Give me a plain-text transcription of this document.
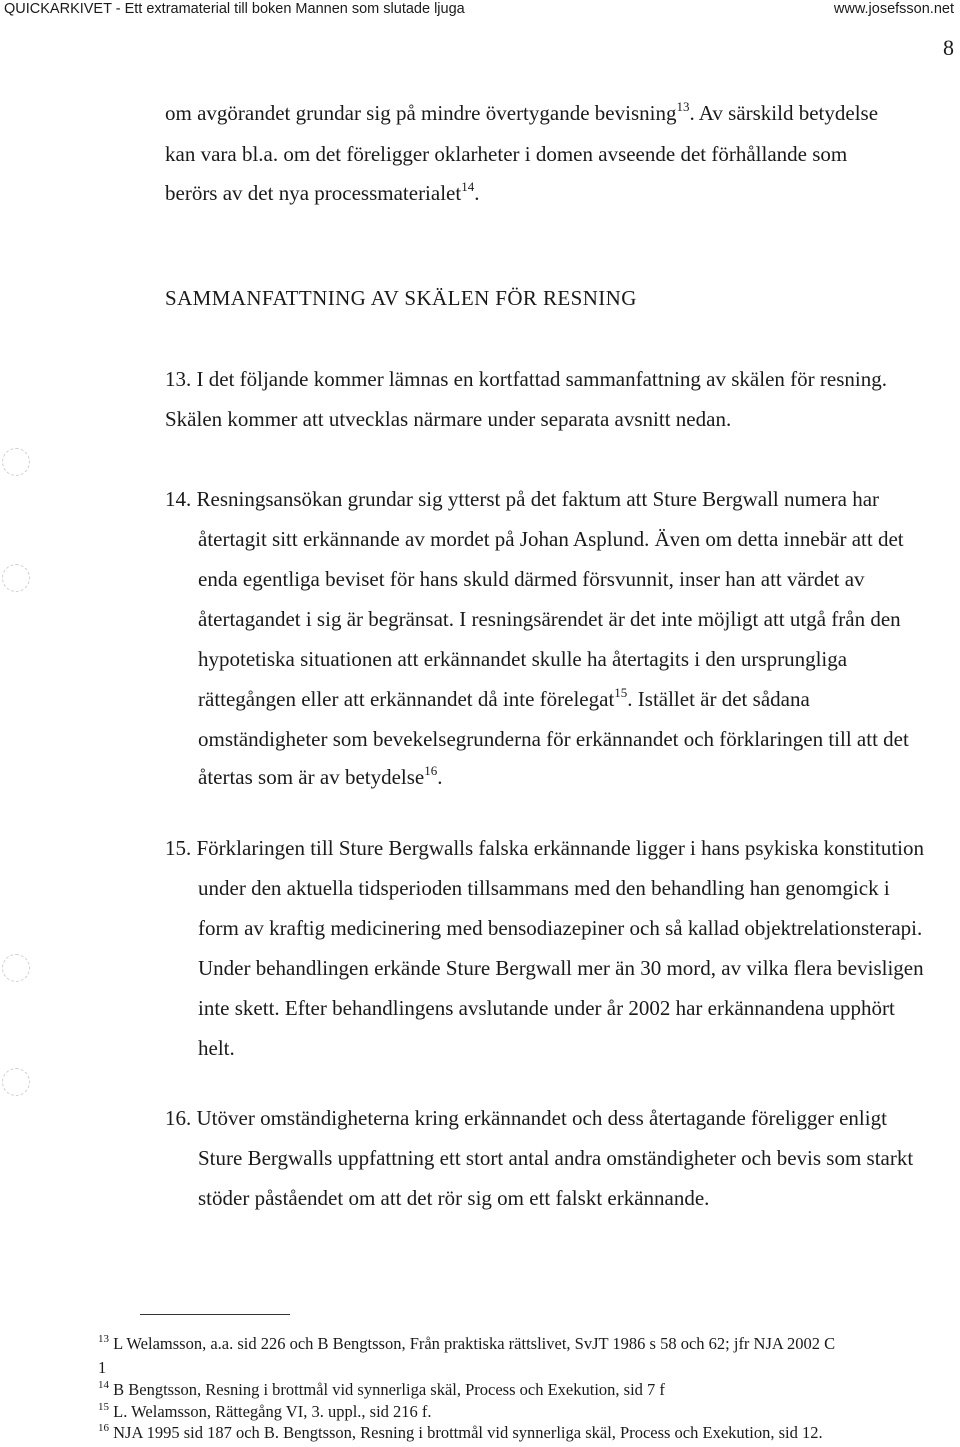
QUICKARKIVET - Ett extramaterial till boken Mannen som slutade ljuga	www.josefsson.net
8
om avgörandet grundar sig på mindre övertygande bevisning$^{13}$. Av särskild betydelse
kan vara bl.a. om det föreligger oklarheter i domen avseende det förhållande som
berörs av det nya processmaterialet$^{14}$.
SAMMANFATTNING AV SKÄLEN FÖR RESNING
13. I det följande kommer lämnas en kortfattad sammanfattning av skälen för resning.
Skälen kommer att utvecklas närmare under separata avsnitt nedan.
14. Resningsansökan grundar sig ytterst på det faktum att Sture Bergwall numera har
återtagit sitt erkännande av mordet på Johan Asplund. Även om detta innebär att det
enda egentliga beviset för hans skuld därmed försvunnit, inser han att värdet av
återtagandet i sig är begränsat. I resningsärendet är det inte möjligt att utgå från den
hypotetiska situationen att erkännandet skulle ha återtagits i den ursprungliga
rättegången eller att erkännandet då inte förelegat$^{15}$. Istället är det sådana
omständigheter som bevekelsegrunderna för erkännandet och förklaringen till att det
återtas som är av betydelse$^{16}$.
15. Förklaringen till Sture Bergwalls falska erkännande ligger i hans psykiska konstitution
under den aktuella tidsperioden tillsammans med den behandling han genomgick i
form av kraftig medicinering med bensodiazepiner och så kallad objektrelationsterapi.
Under behandlingen erkände Sture Bergwall mer än 30 mord, av vilka flera bevisligen
inte skett. Efter behandlingens avslutande under år 2002 har erkännandena upphört
helt.
16. Utöver omständigheterna kring erkännandet och dess återtagande föreligger enligt
Sture Bergwalls uppfattning ett stort antal andra omständigheter och bevis som starkt
stöder påståendet om att det rör sig om ett falskt erkännande.
$^{13}$ L Welamsson, a.a. sid 226 och B Bengtsson, Från praktiska rättslivet, SvJT 1986 s 58 och 62; jfr NJA 2002 C
1
$^{14}$ B Bengtsson, Resning i brottmål vid synnerliga skäl, Process och Exekution, sid 7 f
$^{15}$ L. Welamsson, Rättegång VI, 3. uppl., sid 216 f.
$^{16}$ NJA 1995 sid 187 och B. Bengtsson, Resning i brottmål vid synnerliga skäl, Process och Exekution, sid 12.
